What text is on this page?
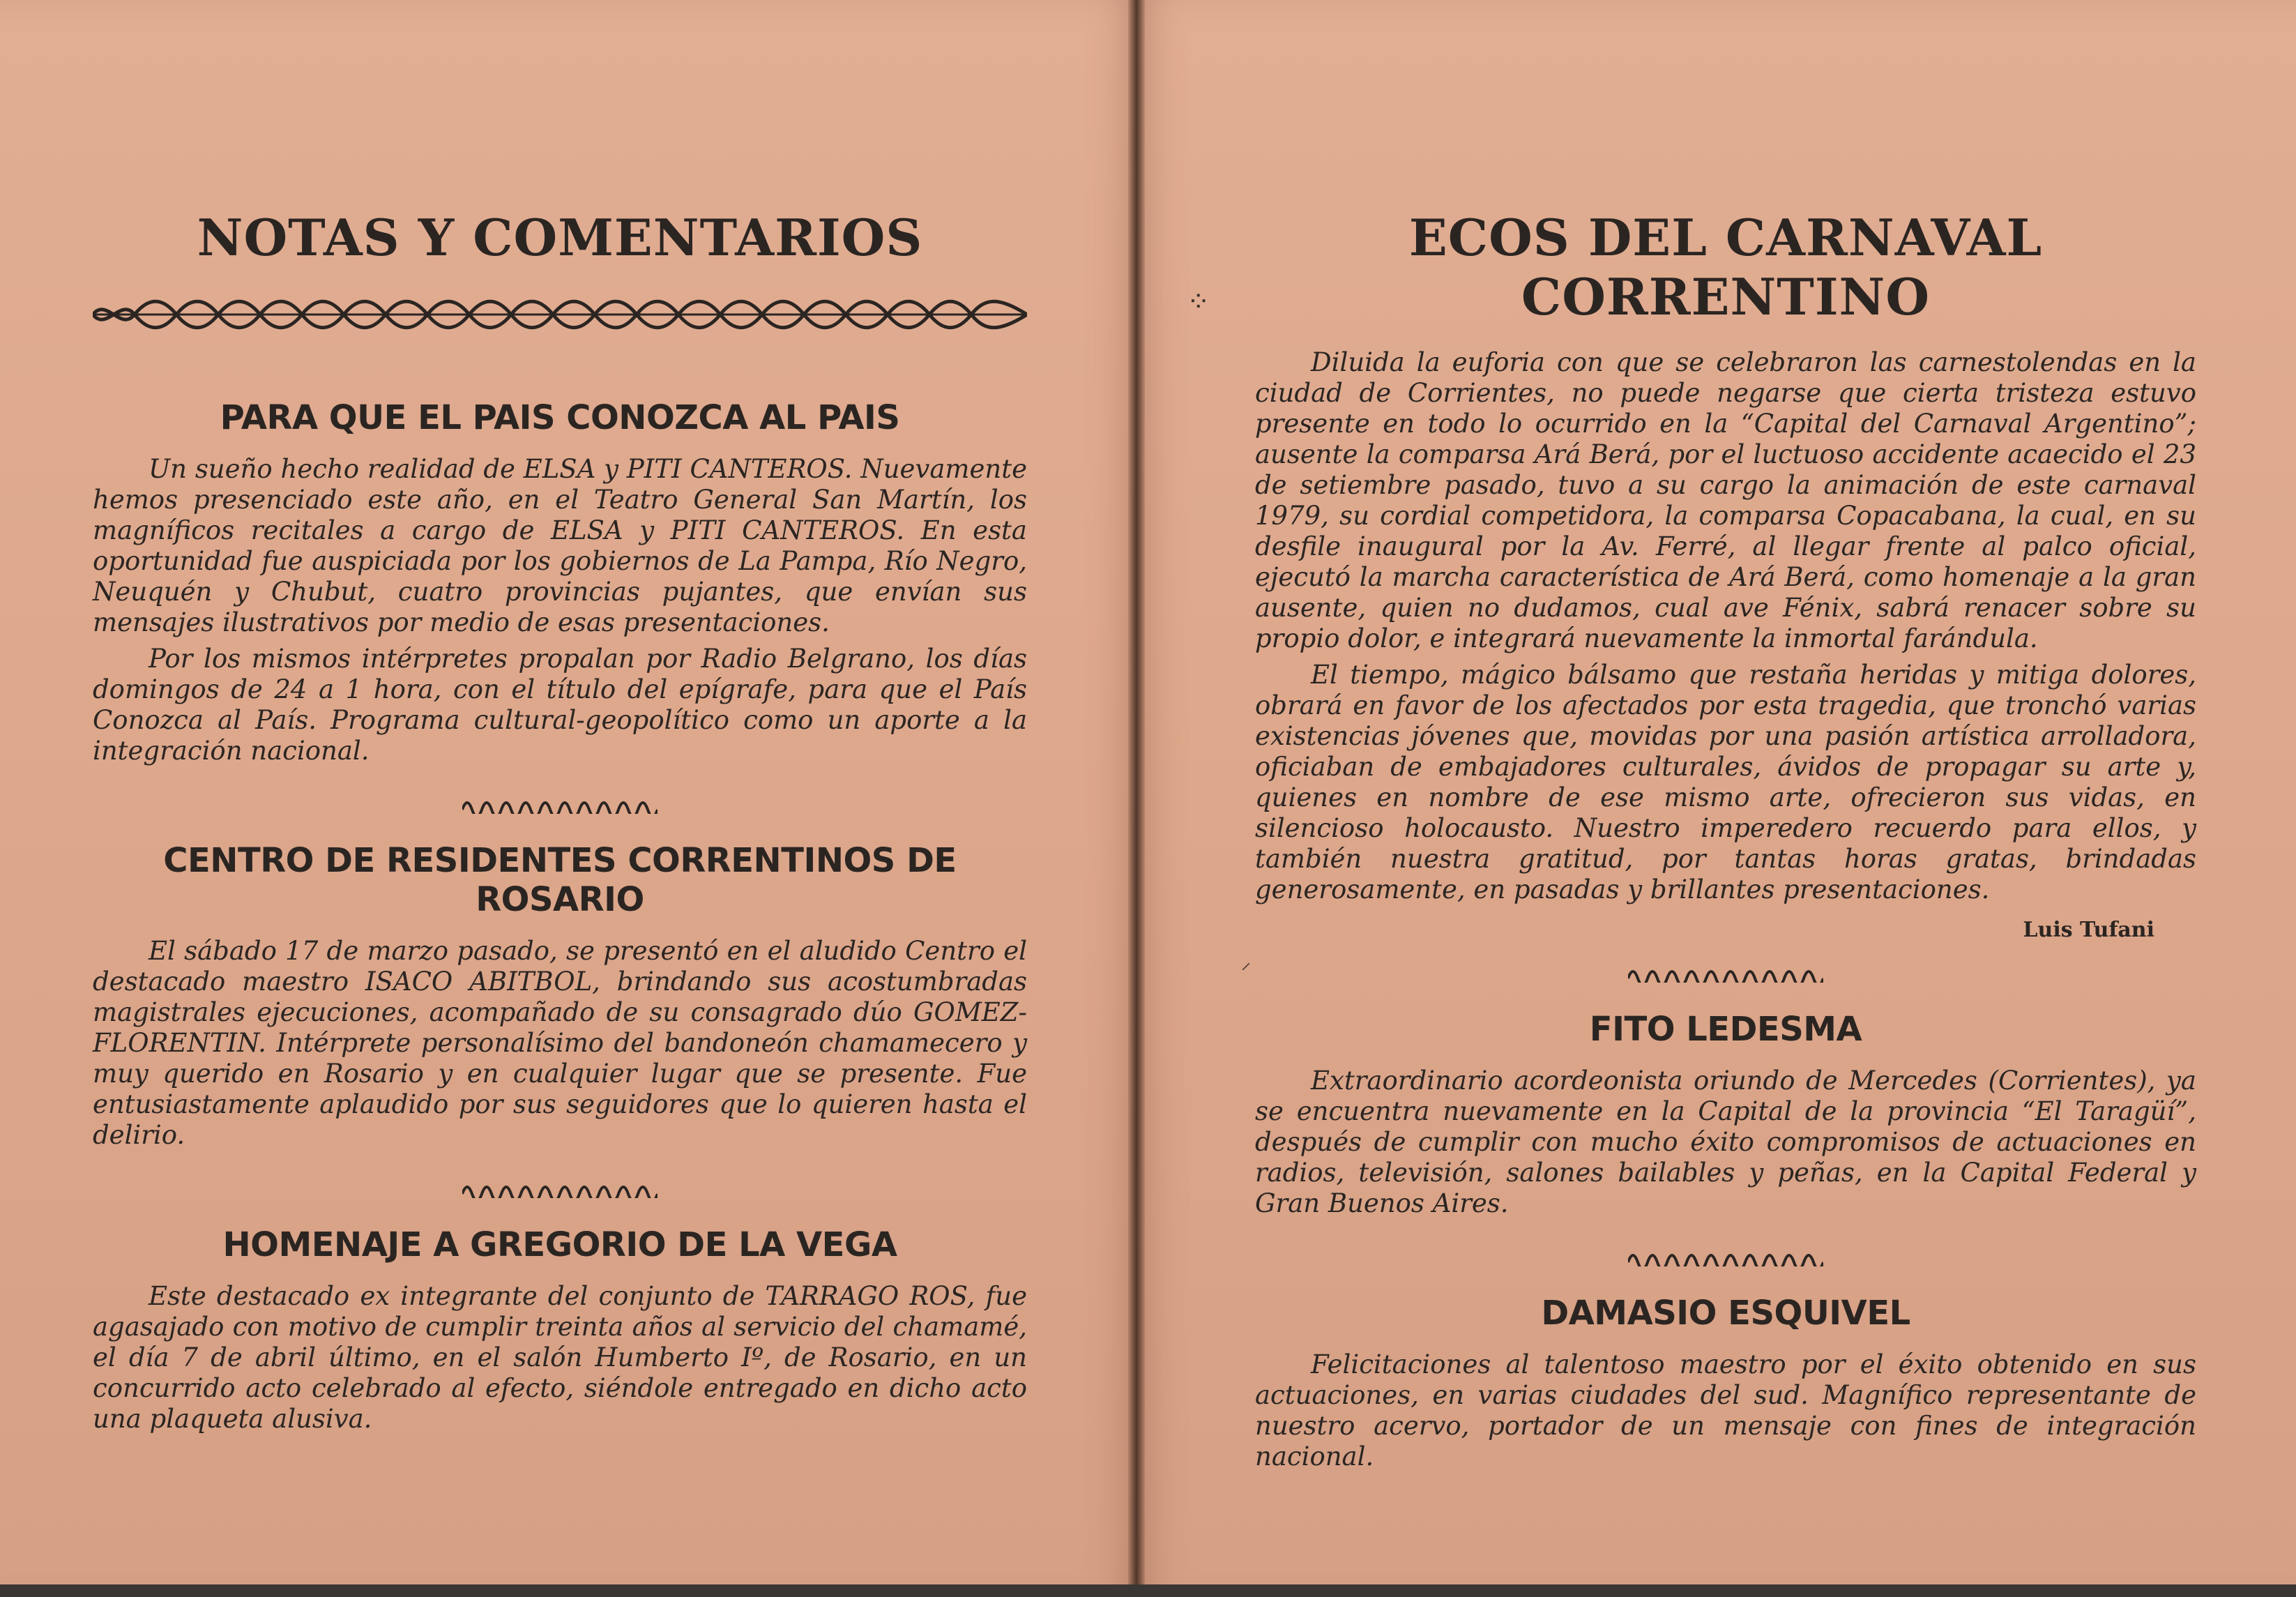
NOTAS Y COMENTARIOS
PARA QUE EL PAIS CONOZCA AL PAIS

Un sueño hecho realidad de ELSA y PITI CANTEROS. Nuevamente hemos presenciado este año, en el Teatro General San Martín, los magníficos recitales a cargo de ELSA y PITI CANTEROS. En esta oportunidad fue auspiciada por los gobiernos de La Pampa, Río Negro, Neuquén y Chubut, cuatro provincias pujantes, que envían sus mensajes ilustrativos por medio de esas presentaciones.

Por los mismos intérpretes propalan por Radio Belgrano, los días domingos de 24 a 1 hora, con el título del epígrafe, para que el País Conozca al País. Programa cultural-geopolítico como un aporte a la integración nacional.

CENTRO DE RESIDENTES CORRENTINOS DE ROSARIO

El sábado 17 de marzo pasado, se presentó en el aludido Centro el destacado maestro ISACO ABITBOL, brindando sus acostumbradas magistrales ejecuciones, acompañado de su consagrado dúo GOMEZ-FLORENTIN. Intérprete personalísimo del bandoneón chamamecero y muy querido en Rosario y en cualquier lugar que se presente. Fue entusiastamente aplaudido por sus seguidores que lo quieren hasta el delirio.

HOMENAJE A GREGORIO DE LA VEGA

Este destacado ex integrante del conjunto de TARRAGO ROS, fue agasajado con motivo de cumplir treinta años al servicio del chamamé, el día 7 de abril último, en el salón Humberto Iº, de Rosario, en un concurrido acto celebrado al efecto, siéndole entregado en dicho acto una plaqueta alusiva.

ECOS DEL CARNAVAL CORRENTINO

Diluida la euforia con que se celebraron las carnestolendas en la ciudad de Corrientes, no puede negarse que cierta tristeza estuvo presente en todo lo ocurrido en la “Capital del Carnaval Argentino”; ausente la comparsa Ará Berá, por el luctuoso accidente acaecido el 23 de setiembre pasado, tuvo a su cargo la animación de este carnaval 1979, su cordial competidora, la comparsa Copacabana, la cual, en su desfile inaugural por la Av. Ferré, al llegar frente al palco oficial, ejecutó la marcha característica de Ará Berá, como homenaje a la gran ausente, quien no dudamos, cual ave Fénix, sabrá renacer sobre su propio dolor, e integrará nuevamente la inmortal farándula.

El tiempo, mágico bálsamo que restaña heridas y mitiga dolores, obrará en favor de los afectados por esta tragedia, que tronchó varias existencias jóvenes que, movidas por una pasión artística arrolladora, oficiaban de embajadores culturales, ávidos de propagar su arte y, quienes en nombre de ese mismo arte, ofrecieron sus vidas, en silencioso holocausto. Nuestro imperedero recuerdo para ellos, y también nuestra gratitud, por tantas horas gratas, brindadas generosamente, en pasadas y brillantes presentaciones.

Luis Tufani
FITO LEDESMA

Extraordinario acordeonista oriundo de Mercedes (Corrientes), ya se encuentra nuevamente en la Capital de la provincia “El Taragüí”, después de cumplir con mucho éxito compromisos de actuaciones en radios, televisión, salones bailables y peñas, en la Capital Federal y Gran Buenos Aires.

DAMASIO ESQUIVEL

Felicitaciones al talentoso maestro por el éxito obtenido en sus actuaciones, en varias ciudades del sud. Magnífico representante de nuestro acervo, portador de un mensaje con fines de integración nacional.

⁘
⸝
